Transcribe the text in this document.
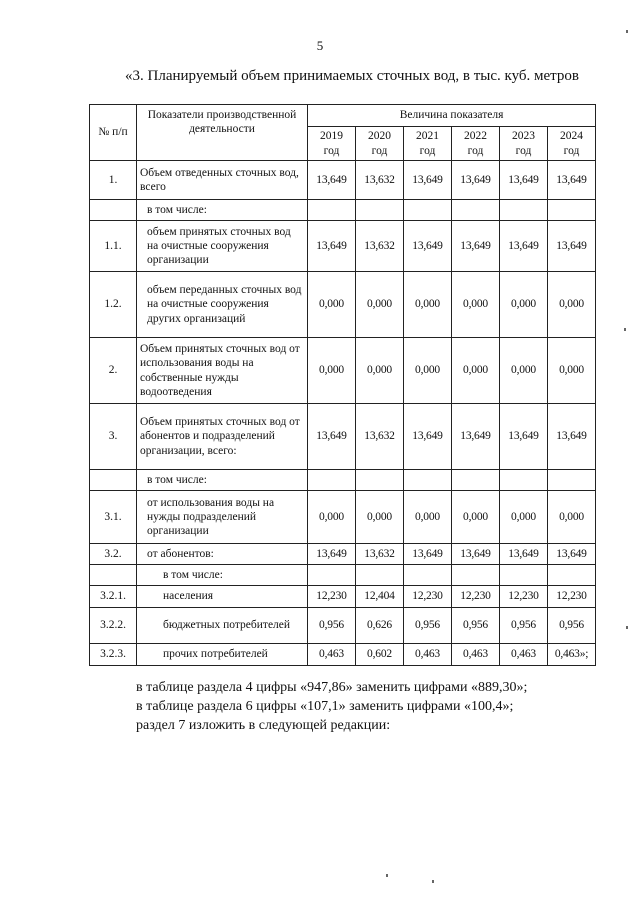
5
«3. Планируемый объем принимаемых сточных вод, в тыс. куб. метров
№ п/п	Показатели производственной деятельности	Величина показателя					
		2019 год	2020 год	2021 год	2022 год	2023 год	2024 год
1.	Объем отведенных сточных вод, всего	13,649	13,632	13,649	13,649	13,649	13,649
	в том числе:						
1.1.	объем принятых сточных вод на очистные сооружения организации	13,649	13,632	13,649	13,649	13,649	13,649
1.2.	объем переданных сточных вод на очистные сооружения других организаций	0,000	0,000	0,000	0,000	0,000	0,000
2.	Объем принятых сточных вод от использования воды на собственные нужды водоотведения	0,000	0,000	0,000	0,000	0,000	0,000
3.	Объем принятых сточных вод от абонентов и подразделений организации, всего:	13,649	13,632	13,649	13,649	13,649	13,649
	в том числе:						
3.1.	от использования воды на нужды подразделений организации	0,000	0,000	0,000	0,000	0,000	0,000
3.2.	от абонентов:	13,649	13,632	13,649	13,649	13,649	13,649
	в том числе:						
3.2.1.	населения	12,230	12,404	12,230	12,230	12,230	12,230
3.2.2.	бюджетных потребителей	0,956	0,626	0,956	0,956	0,956	0,956
3.2.3.	прочих потребителей	0,463	0,602	0,463	0,463	0,463	0,463»;

в таблице раздела 4 цифры «947,86» заменить цифрами «889,30»;

в таблице раздела 6 цифры «107,1» заменить цифрами «100,4»;

раздел 7 изложить в следующей редакции:
